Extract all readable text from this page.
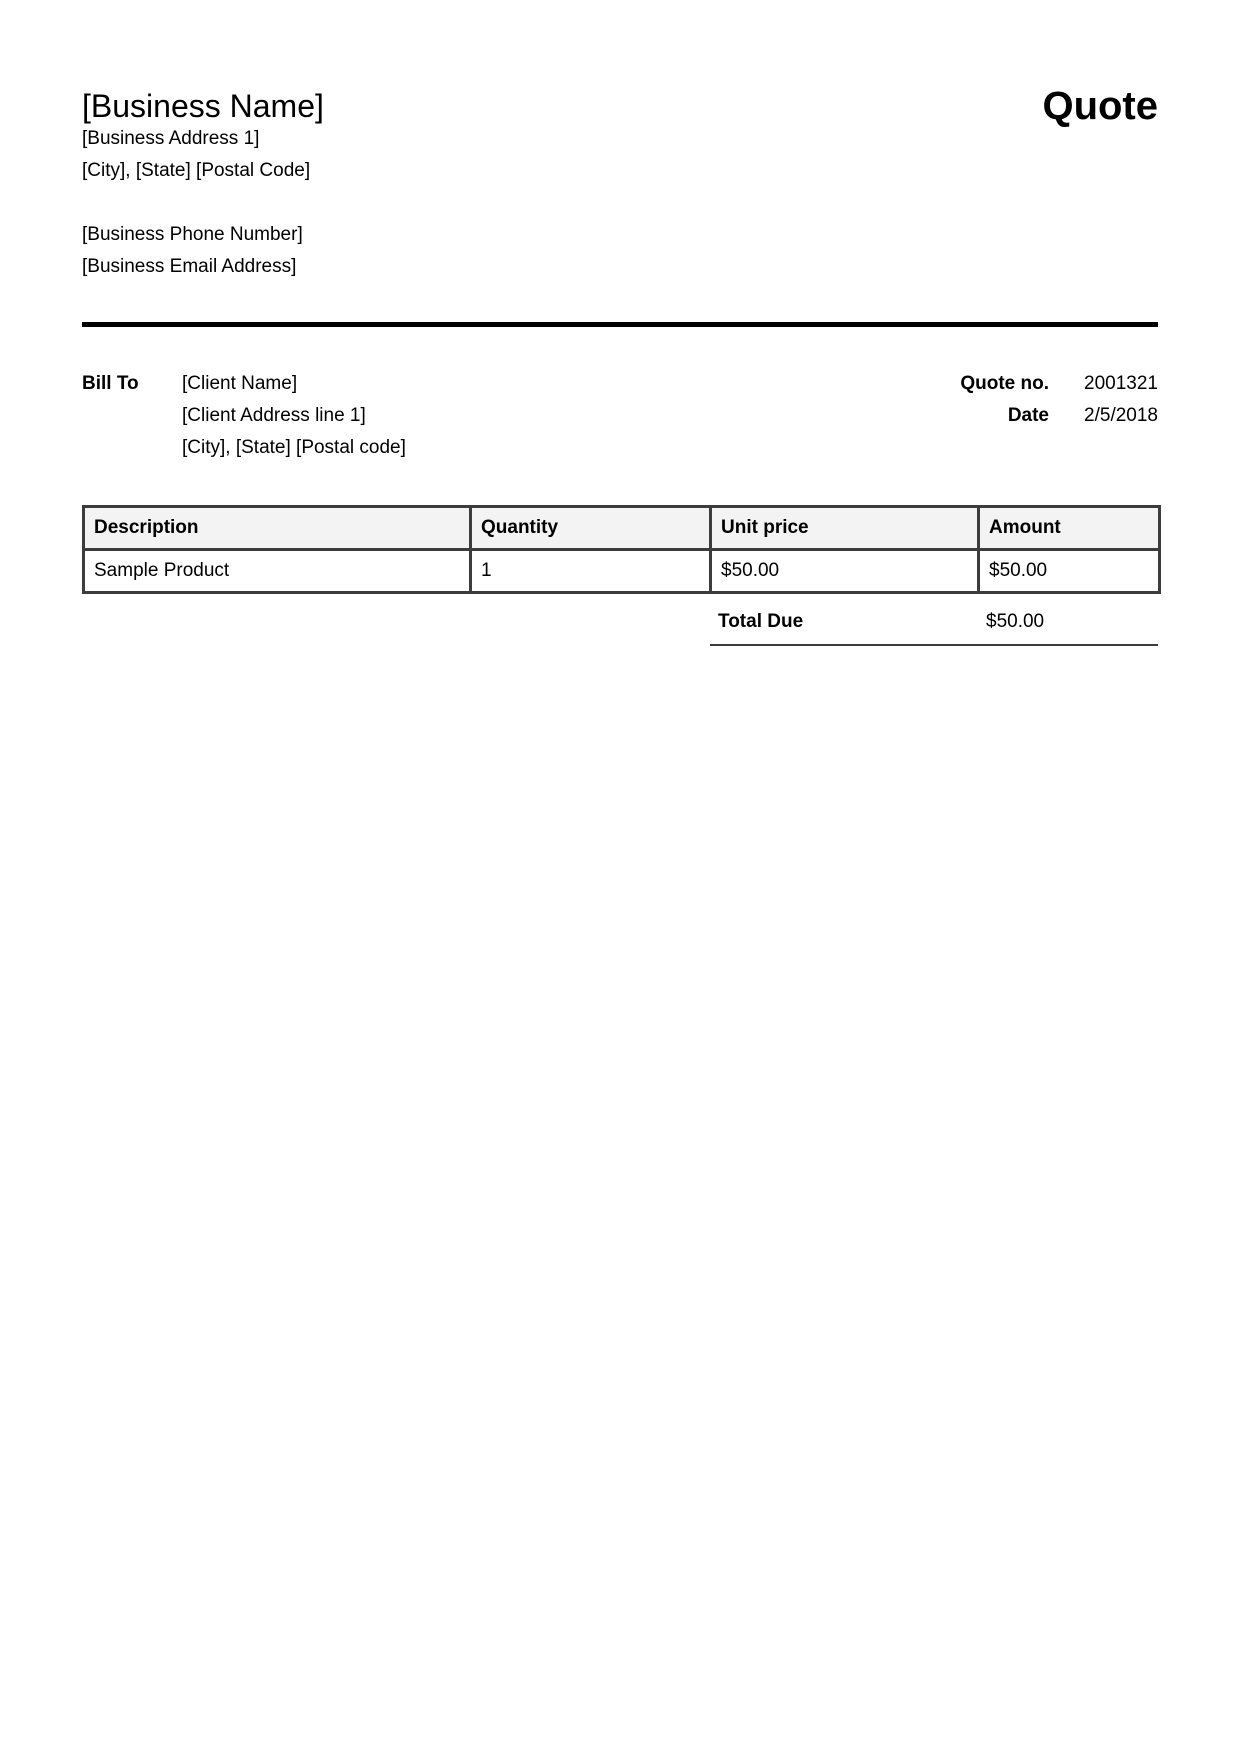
[Business Name]	Quote
[Business Address 1]
[City], [State] [Postal Code]
[Business Phone Number]
[Business Email Address]
Bill To [Client Name]
[Client Address line 1]
[City], [State] [Postal code]
Quote no. 2001321
Date 2/5/2018
Description	Quantity	Unit price	Amount
Sample Product	1	$50.00	$50.00
Total Due	$50.00
